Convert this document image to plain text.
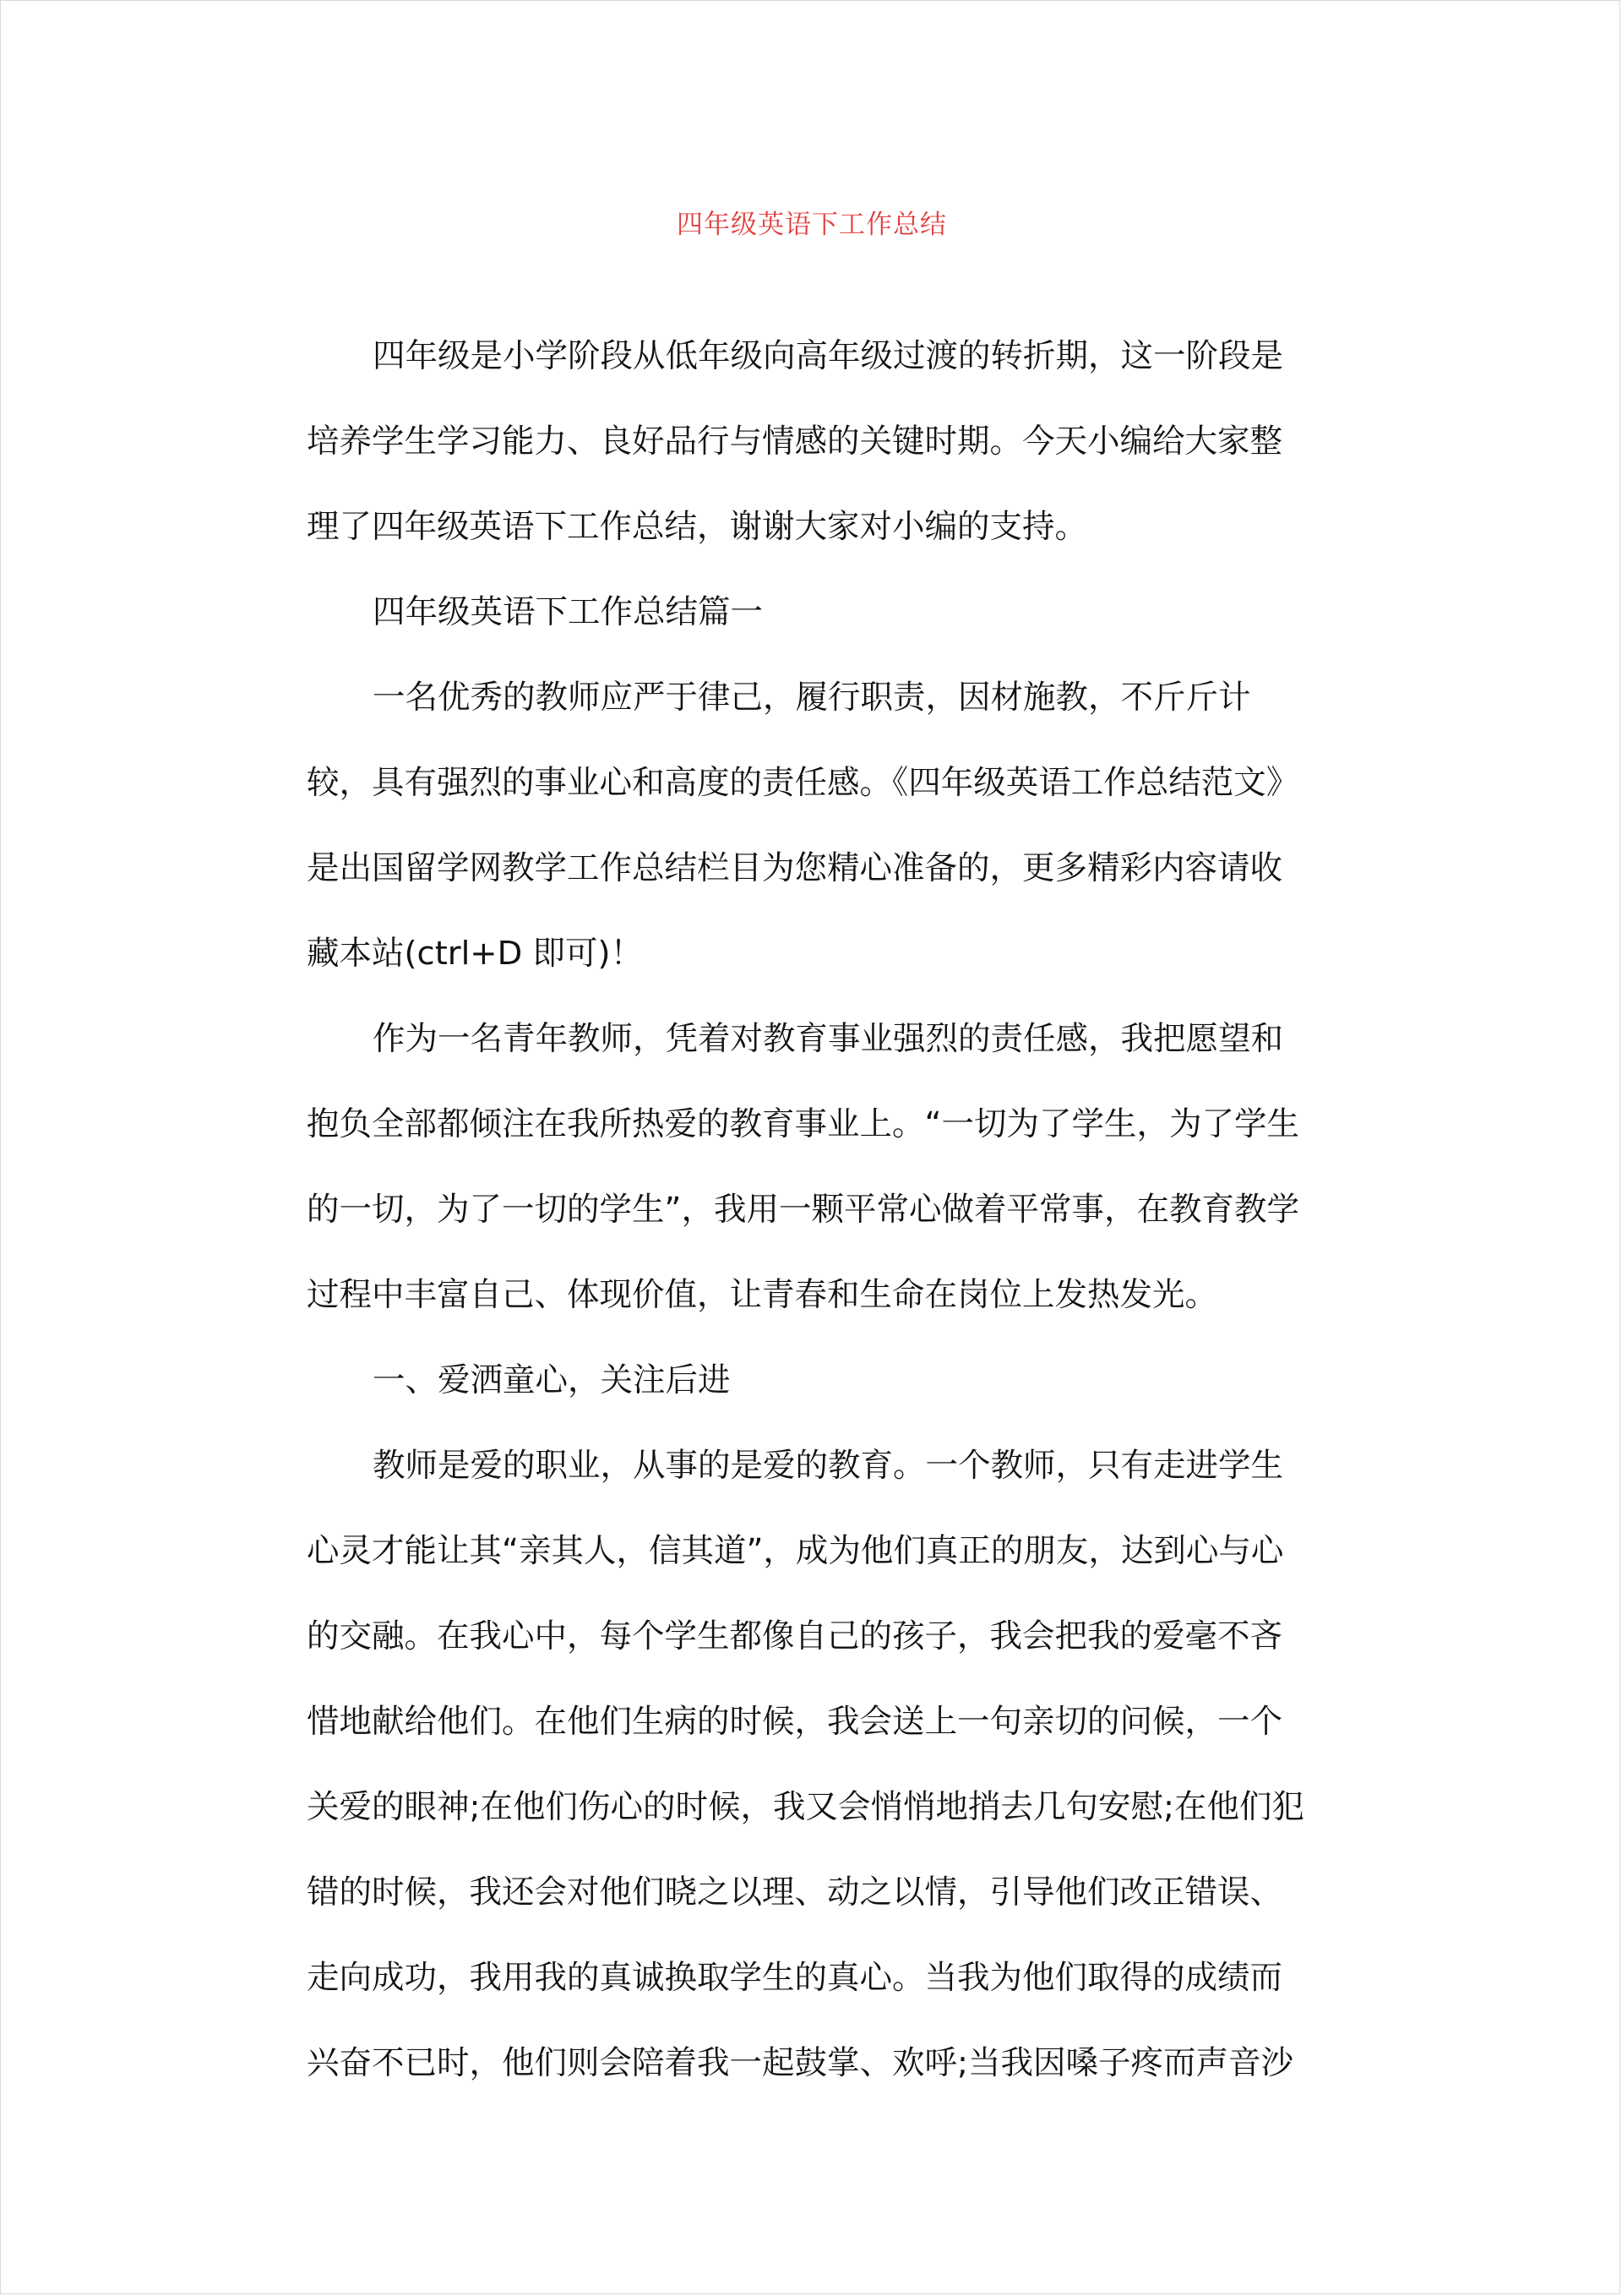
四年级英语下工作总结
四年级是小学阶段从低年级向高年级过渡的转折期，这一阶段是
培养学生学习能力、良好品行与情感的关键时期。今天小编给大家整
理了四年级英语下工作总结，谢谢大家对小编的支持。
四年级英语下工作总结篇一
一名优秀的教师应严于律己，履行职责，因材施教，不斤斤计
较，具有强烈的事业心和高度的责任感。《四年级英语工作总结范文》
是出国留学网教学工作总结栏目为您精心准备的，更多精彩内容请收
藏本站(ctrl+D 即可)！
作为一名青年教师，凭着对教育事业强烈的责任感，我把愿望和
抱负全部都倾注在我所热爱的教育事业上。“一切为了学生，为了学生
的一切，为了一切的学生”，我用一颗平常心做着平常事，在教育教学
过程中丰富自己、体现价值，让青春和生命在岗位上发热发光。
一、爱洒童心，关注后进
教师是爱的职业，从事的是爱的教育。一个教师，只有走进学生
心灵才能让其“亲其人，信其道”，成为他们真正的朋友，达到心与心
的交融。在我心中，每个学生都像自己的孩子，我会把我的爱毫不吝
惜地献给他们。在他们生病的时候，我会送上一句亲切的问候，一个
关爱的眼神;在他们伤心的时候，我又会悄悄地捎去几句安慰;在他们犯
错的时候，我还会对他们晓之以理、动之以情，引导他们改正错误、
走向成功，我用我的真诚换取学生的真心。当我为他们取得的成绩而
兴奋不已时，他们则会陪着我一起鼓掌、欢呼;当我因嗓子疼而声音沙
